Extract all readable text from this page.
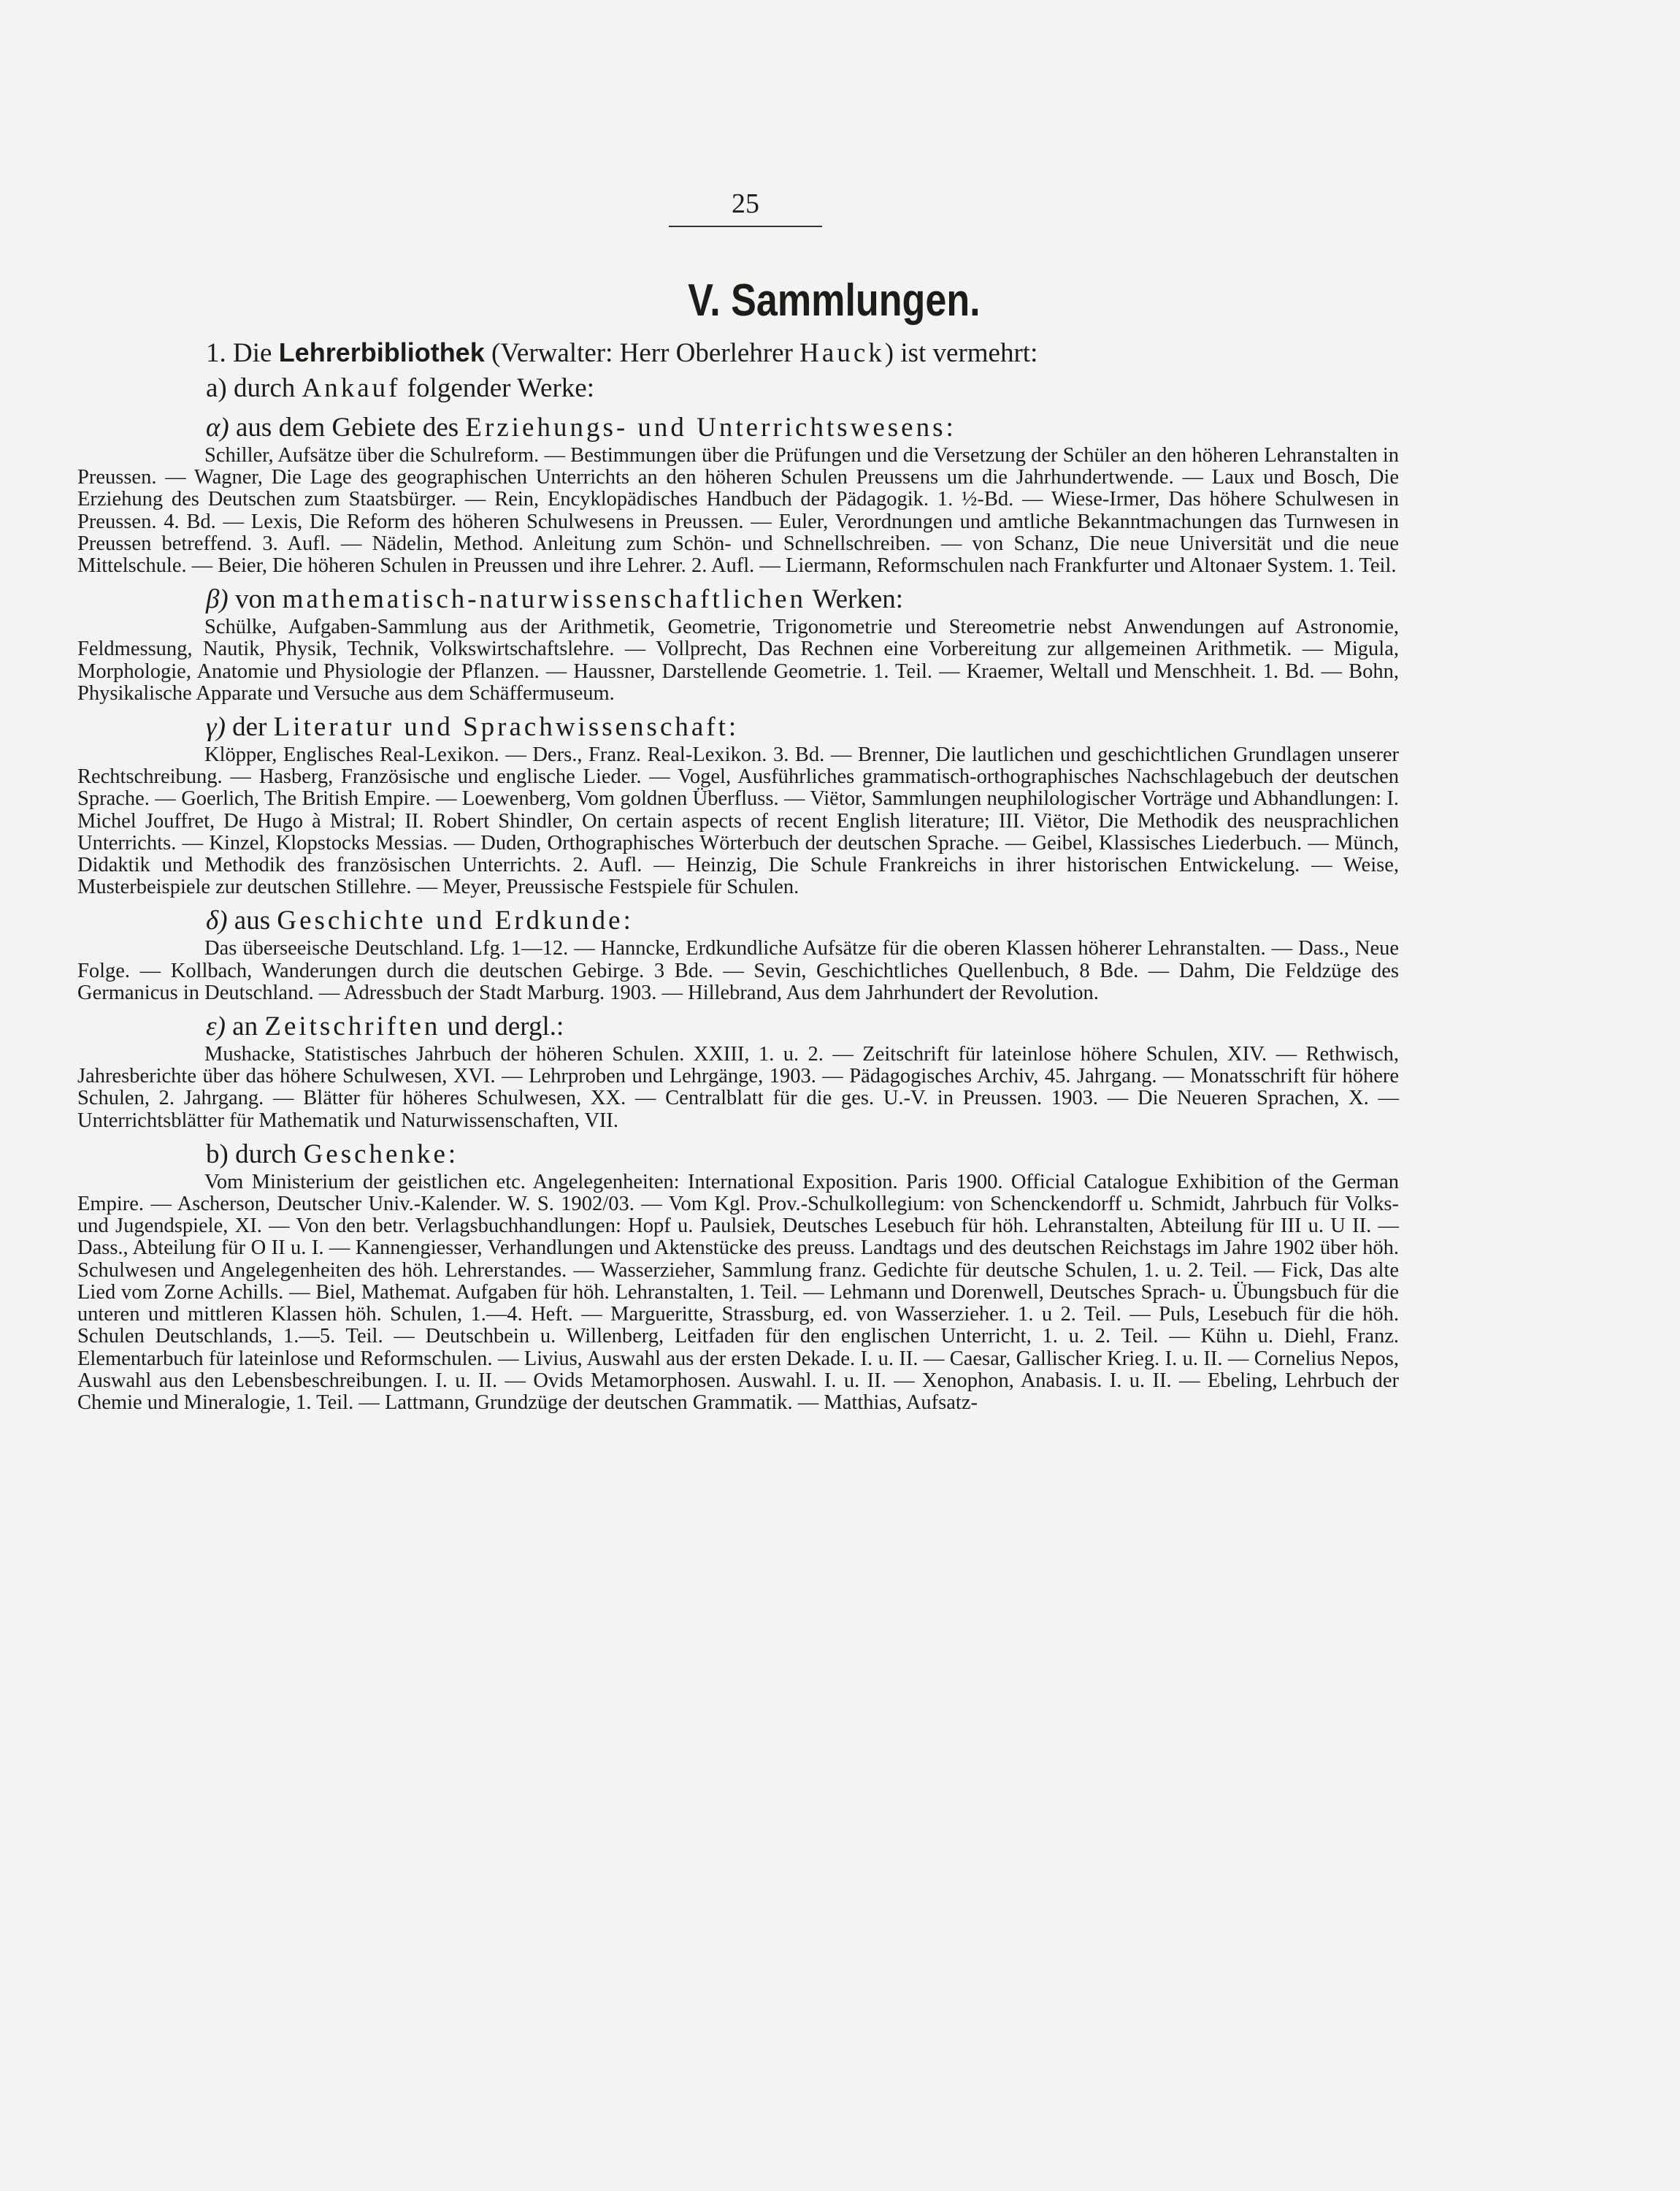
25
V. Sammlungen.
1. Die Lehrerbibliothek (Verwalter: Herr Oberlehrer Hauck) ist vermehrt:
a) durch Ankauf folgender Werke:
α) aus dem Gebiete des Erziehungs- und Unterrichtswesens:

Schiller, Aufsätze über die Schulreform. — Bestimmungen über die Prüfungen und die Versetzung der Schüler an den höheren Lehranstalten in Preussen. — Wagner, Die Lage des geographischen Unterrichts an den höheren Schulen Preussens um die Jahrhundertwende. — Laux und Bosch, Die Erziehung des Deutschen zum Staatsbürger. — Rein, Encyklopädisches Handbuch der Pädagogik. 1. ½-Bd. — Wiese-Irmer, Das höhere Schulwesen in Preussen. 4. Bd. — Lexis, Die Reform des höheren Schulwesens in Preussen. — Euler, Verordnungen und amtliche Bekanntmachungen das Turnwesen in Preussen betreffend. 3. Aufl. — Nädelin, Method. Anleitung zum Schön- und Schnellschreiben. — von Schanz, Die neue Universität und die neue Mittelschule. — Beier, Die höheren Schulen in Preussen und ihre Lehrer. 2. Aufl. — Liermann, Reformschulen nach Frankfurter und Altonaer System. 1. Teil.

β) von mathematisch-naturwissenschaftlichen Werken:

Schülke, Aufgaben-Sammlung aus der Arithmetik, Geometrie, Trigonometrie und Stereometrie nebst Anwendungen auf Astronomie, Feldmessung, Nautik, Physik, Technik, Volkswirtschaftslehre. — Vollprecht, Das Rechnen eine Vorbereitung zur allgemeinen Arithmetik. — Migula, Morphologie, Anatomie und Physiologie der Pflanzen. — Haussner, Darstellende Geometrie. 1. Teil. — Kraemer, Weltall und Menschheit. 1. Bd. — Bohn, Physikalische Apparate und Versuche aus dem Schäffermuseum.

γ) der Literatur und Sprachwissenschaft:

Klöpper, Englisches Real-Lexikon. — Ders., Franz. Real-Lexikon. 3. Bd. — Brenner, Die lautlichen und geschichtlichen Grundlagen unserer Rechtschreibung. — Hasberg, Französische und englische Lieder. — Vogel, Ausführliches grammatisch-orthographisches Nachschlagebuch der deutschen Sprache. — Goerlich, The British Empire. — Loewenberg, Vom goldnen Überfluss. — Viëtor, Sammlungen neuphilologischer Vorträge und Abhandlungen: I. Michel Jouffret, De Hugo à Mistral; II. Robert Shindler, On certain aspects of recent English literature; III. Viëtor, Die Methodik des neusprachlichen Unterrichts. — Kinzel, Klopstocks Messias. — Duden, Orthographisches Wörterbuch der deutschen Sprache. — Geibel, Klassisches Liederbuch. — Münch, Didaktik und Methodik des französischen Unterrichts. 2. Aufl. — Heinzig, Die Schule Frankreichs in ihrer historischen Entwickelung. — Weise, Musterbeispiele zur deutschen Stillehre. — Meyer, Preussische Festspiele für Schulen.

δ) aus Geschichte und Erdkunde:

Das überseeische Deutschland. Lfg. 1—12. — Hanncke, Erdkundliche Aufsätze für die oberen Klassen höherer Lehranstalten. — Dass., Neue Folge. — Kollbach, Wanderungen durch die deutschen Gebirge. 3 Bde. — Sevin, Geschichtliches Quellenbuch, 8 Bde. — Dahm, Die Feldzüge des Germanicus in Deutschland. — Adressbuch der Stadt Marburg. 1903. — Hillebrand, Aus dem Jahrhundert der Revolution.

ε) an Zeitschriften und dergl.:

Mushacke, Statistisches Jahrbuch der höheren Schulen. XXIII, 1. u. 2. — Zeitschrift für lateinlose höhere Schulen, XIV. — Rethwisch, Jahresberichte über das höhere Schulwesen, XVI. — Lehrproben und Lehrgänge, 1903. — Pädagogisches Archiv, 45. Jahrgang. — Monatsschrift für höhere Schulen, 2. Jahrgang. — Blätter für höheres Schulwesen, XX. — Centralblatt für die ges. U.-V. in Preussen. 1903. — Die Neueren Sprachen, X. — Unterrichtsblätter für Mathematik und Naturwissenschaften, VII.

b) durch Geschenke:

Vom Ministerium der geistlichen etc. Angelegenheiten: International Exposition. Paris 1900. Official Catalogue Exhibition of the German Empire. — Ascherson, Deutscher Univ.-Kalender. W. S. 1902/03. — Vom Kgl. Prov.-Schulkollegium: von Schenckendorff u. Schmidt, Jahrbuch für Volks- und Jugendspiele, XI. — Von den betr. Verlagsbuchhandlungen: Hopf u. Paulsiek, Deutsches Lesebuch für höh. Lehranstalten, Abteilung für III u. U II. — Dass., Abteilung für O II u. I. — Kannengiesser, Verhandlungen und Aktenstücke des preuss. Landtags und des deutschen Reichstags im Jahre 1902 über höh. Schulwesen und Angelegenheiten des höh. Lehrerstandes. — Wasserzieher, Sammlung franz. Gedichte für deutsche Schulen, 1. u. 2. Teil. — Fick, Das alte Lied vom Zorne Achills. — Biel, Mathemat. Aufgaben für höh. Lehranstalten, 1. Teil. — Lehmann und Dorenwell, Deutsches Sprach- u. Übungsbuch für die unteren und mittleren Klassen höh. Schulen, 1.—4. Heft. — Margueritte, Strassburg, ed. von Wasserzieher. 1. u 2. Teil. — Puls, Lesebuch für die höh. Schulen Deutschlands, 1.—5. Teil. — Deutschbein u. Willenberg, Leitfaden für den englischen Unterricht, 1. u. 2. Teil. — Kühn u. Diehl, Franz. Elementarbuch für lateinlose und Reformschulen. — Livius, Auswahl aus der ersten Dekade. I. u. II. — Caesar, Gallischer Krieg. I. u. II. — Cornelius Nepos, Auswahl aus den Lebensbeschreibungen. I. u. II. — Ovids Metamorphosen. Auswahl. I. u. II. — Xenophon, Anabasis. I. u. II. — Ebeling, Lehrbuch der Chemie und Mineralogie, 1. Teil. — Lattmann, Grundzüge der deutschen Grammatik. — Matthias, Aufsatz-
